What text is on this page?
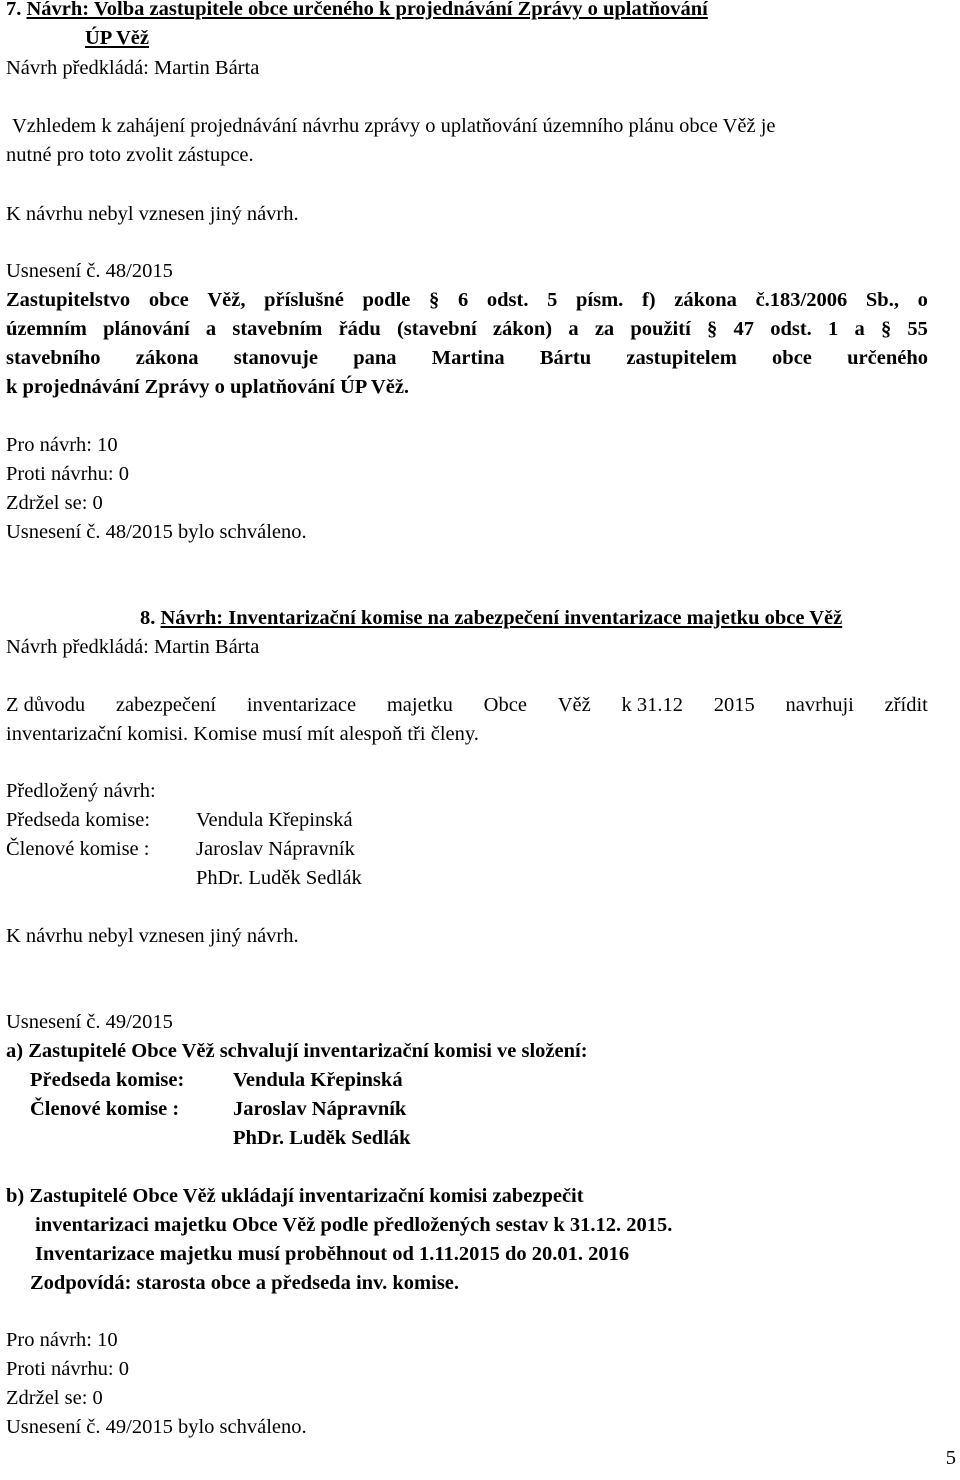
7. Návrh: Volba zastupitele obce určeného k projednávání Zprávy o uplatňování
ÚP Věž
Návrh předkládá: Martin Bárta
Vzhledem k zahájení projednávání návrhu zprávy o uplatňování územního plánu obce Věž je
nutné pro toto zvolit zástupce.
K návrhu nebyl vznesen jiný návrh.
Usnesení č. 48/2015
Zastupitelstvo obce Věž, příslušné podle § 6 odst. 5 písm. f) zákona č.183/2006 Sb., o
územním plánování a stavebním řádu (stavební zákon) a za použití § 47 odst. 1 a § 55
stavebního zákona stanovuje pana Martina Bártu zastupitelem obce určeného
k projednávání Zprávy o uplatňování ÚP Věž.
Pro návrh: 10
Proti návrhu: 0
Zdržel se: 0
Usnesení č. 48/2015 bylo schváleno.
8. Návrh: Inventarizační komise na zabezpečení inventarizace majetku obce Věž
Návrh předkládá: Martin Bárta
Z důvodu zabezpečení inventarizace majetku Obce Věž k 31.12 2015 navrhuji zřídit
inventarizační komisi. Komise musí mít alespoň tři členy.
Předložený návrh:
Předseda komise: Vendula Křepinská
Členové komise : Jaroslav Nápravník
PhDr. Luděk Sedlák
K návrhu nebyl vznesen jiný návrh.
Usnesení č. 49/2015
a) Zastupitelé Obce Věž schvalují inventarizační komisi ve složení:
Předseda komise: Vendula Křepinská
Členové komise :	Jaroslav Nápravník
PhDr. Luděk Sedlák
b) Zastupitelé Obce Věž ukládají inventarizační komisi zabezpečit
inventarizaci majetku Obce Věž podle předložených sestav k 31.12. 2015.
Inventarizace majetku musí proběhnout od 1.11.2015 do 20.01. 2016
Zodpovídá: starosta obce a předseda inv. komise.
Pro návrh: 10
Proti návrhu: 0
Zdržel se: 0
Usnesení č. 49/2015 bylo schváleno.
5
